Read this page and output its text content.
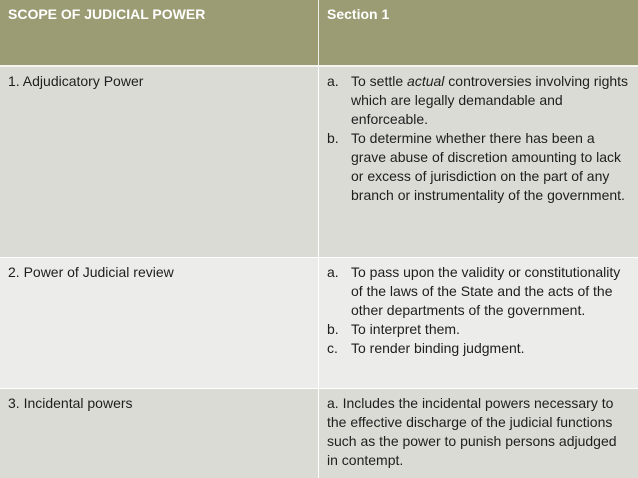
SCOPE OF JUDICIAL POWER	Section 1
1. Adjudicatory Power	a. To settle actual controversies involving rights which are legally demandable and enforceable.
b. To determine whether there has been a grave abuse of discretion amounting to lack or excess of jurisdiction on the part of any branch or instrumentality of the government.
2. Power of Judicial review	a. To pass upon the validity or constitutionality of the laws of the State and the acts of the other departments of the government.
b. To interpret them.
c. To render binding judgment.
3. Incidental powers	a. Includes the incidental powers necessary to the effective discharge of the judicial functions such as the power to punish persons adjudged in contempt.
